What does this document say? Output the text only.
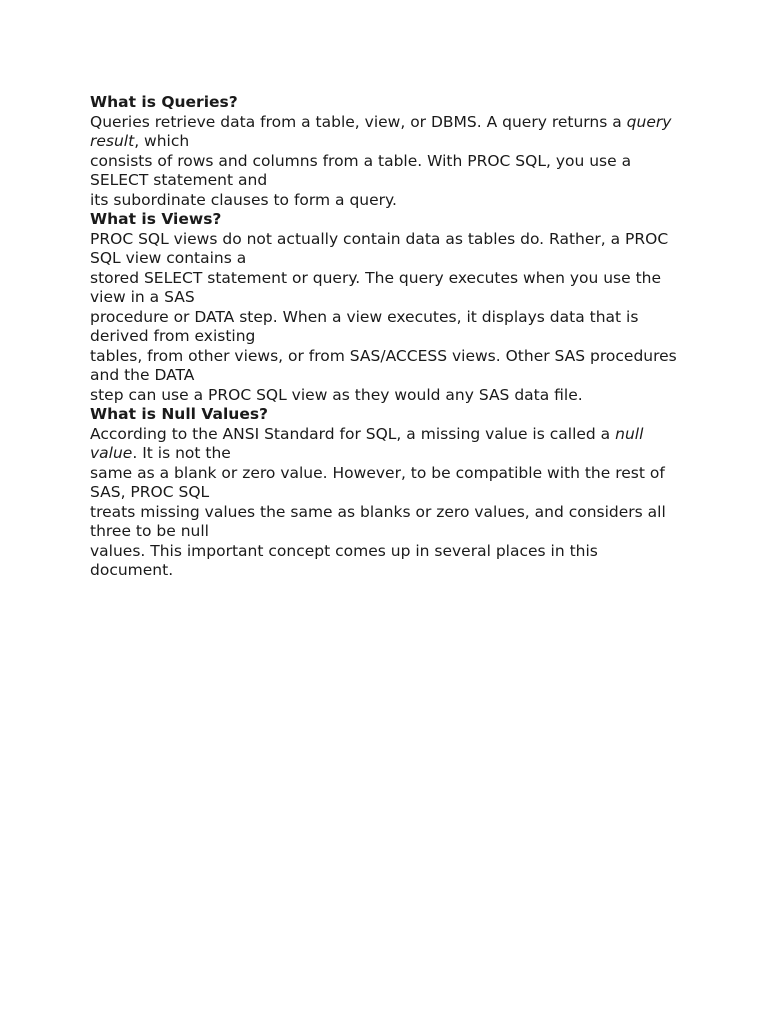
What is Queries?

Queries retrieve data from a table, view, or DBMS. A query returns a query result, which
consists of rows and columns from a table. With PROC SQL, you use a SELECT statement and
its subordinate clauses to form a query.

What is Views?

PROC SQL views do not actually contain data as tables do. Rather, a PROC SQL view contains a
stored SELECT statement or query. The query executes when you use the view in a SAS
procedure or DATA step. When a view executes, it displays data that is derived from existing
tables, from other views, or from SAS/ACCESS views. Other SAS procedures and the DATA
step can use a PROC SQL view as they would any SAS data file.

What is Null Values?

According to the ANSI Standard for SQL, a missing value is called a null value. It is not the
same as a blank or zero value. However, to be compatible with the rest of SAS, PROC SQL
treats missing values the same as blanks or zero values, and considers all three to be null
values. This important concept comes up in several places in this document.
